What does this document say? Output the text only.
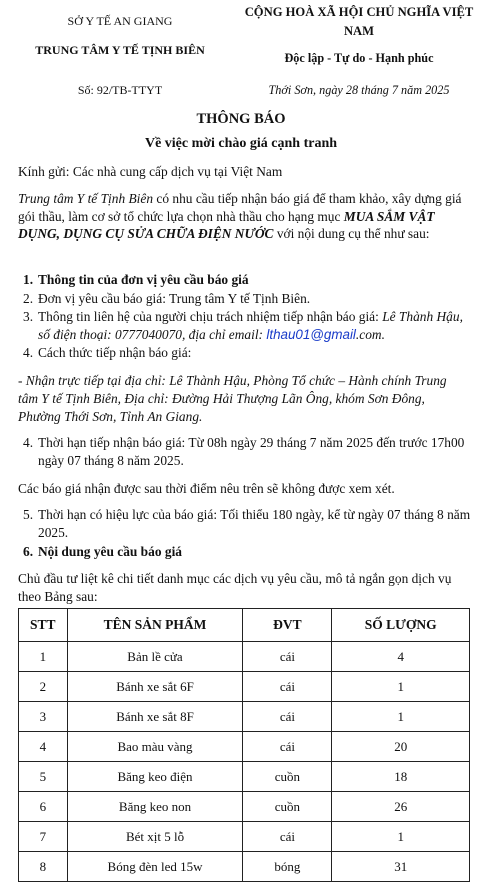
SỞ Y TẾ AN GIANG
TRUNG TÂM Y TẾ TỊNH BIÊN
Số: 92/TB-TTYT
CỘNG HOÀ XÃ HỘI CHỦ NGHĨA VIỆT
NAM
Độc lập - Tự do - Hạnh phúc
Thới Sơn, ngày 28 tháng 7 năm 2025
THÔNG BÁO
Về việc mời chào giá cạnh tranh
Kính gửi: Các nhà cung cấp dịch vụ tại Việt Nam
Trung tâm Y tế Tịnh Biên có nhu cầu tiếp nhận báo giá để tham khảo, xây dựng giá gói thầu, làm cơ sở tổ chức lựa chọn nhà thầu cho hạng mục MUA SẮM VẬT DỤNG, DỤNG CỤ SỬA CHỮA ĐIỆN NƯỚC với nội dung cụ thể như sau:
1. Thông tin của đơn vị yêu cầu báo giá
2. Đơn vị yêu cầu báo giá: Trung tâm Y tế Tịnh Biên.
3. Thông tin liên hệ của người chịu trách nhiệm tiếp nhận báo giá: Lê Thành Hậu, số điện thoại: 0777040070, địa chỉ email: lthau01@gmail.com.
4. Cách thức tiếp nhận báo giá:
- Nhận trực tiếp tại địa chỉ: Lê Thành Hậu, Phòng Tổ chức – Hành chính Trung tâm Y tế Tịnh Biên, Địa chỉ: Đường Hải Thượng Lãn Ông, khóm Sơn Đông, Phường Thới Sơn, Tỉnh An Giang.
4. Thời hạn tiếp nhận báo giá: Từ 08h ngày 29 tháng 7 năm 2025 đến trước 17h00 ngày 07 tháng 8 năm 2025.
Các báo giá nhận được sau thời điểm nêu trên sẽ không được xem xét.
5. Thời hạn có hiệu lực của báo giá: Tối thiểu 180 ngày, kể từ ngày 07 tháng 8 năm 2025.
6. Nội dung yêu cầu báo giá
Chủ đầu tư liệt kê chi tiết danh mục các dịch vụ yêu cầu, mô tả ngắn gọn dịch vụ theo Bảng sau:
STT	TÊN SẢN PHẨM	ĐVT	SỐ LƯỢNG
1	Bản lề cửa	cái	4
2	Bánh xe sắt 6F	cái	1
3	Bánh xe sắt 8F	cái	1
4	Bao màu vàng	cái	20
5	Băng keo điện	cuồn	18
6	Băng keo non	cuồn	26
7	Bét xịt 5 lỗ	cái	1
8	Bóng đèn led 15w	bóng	31
